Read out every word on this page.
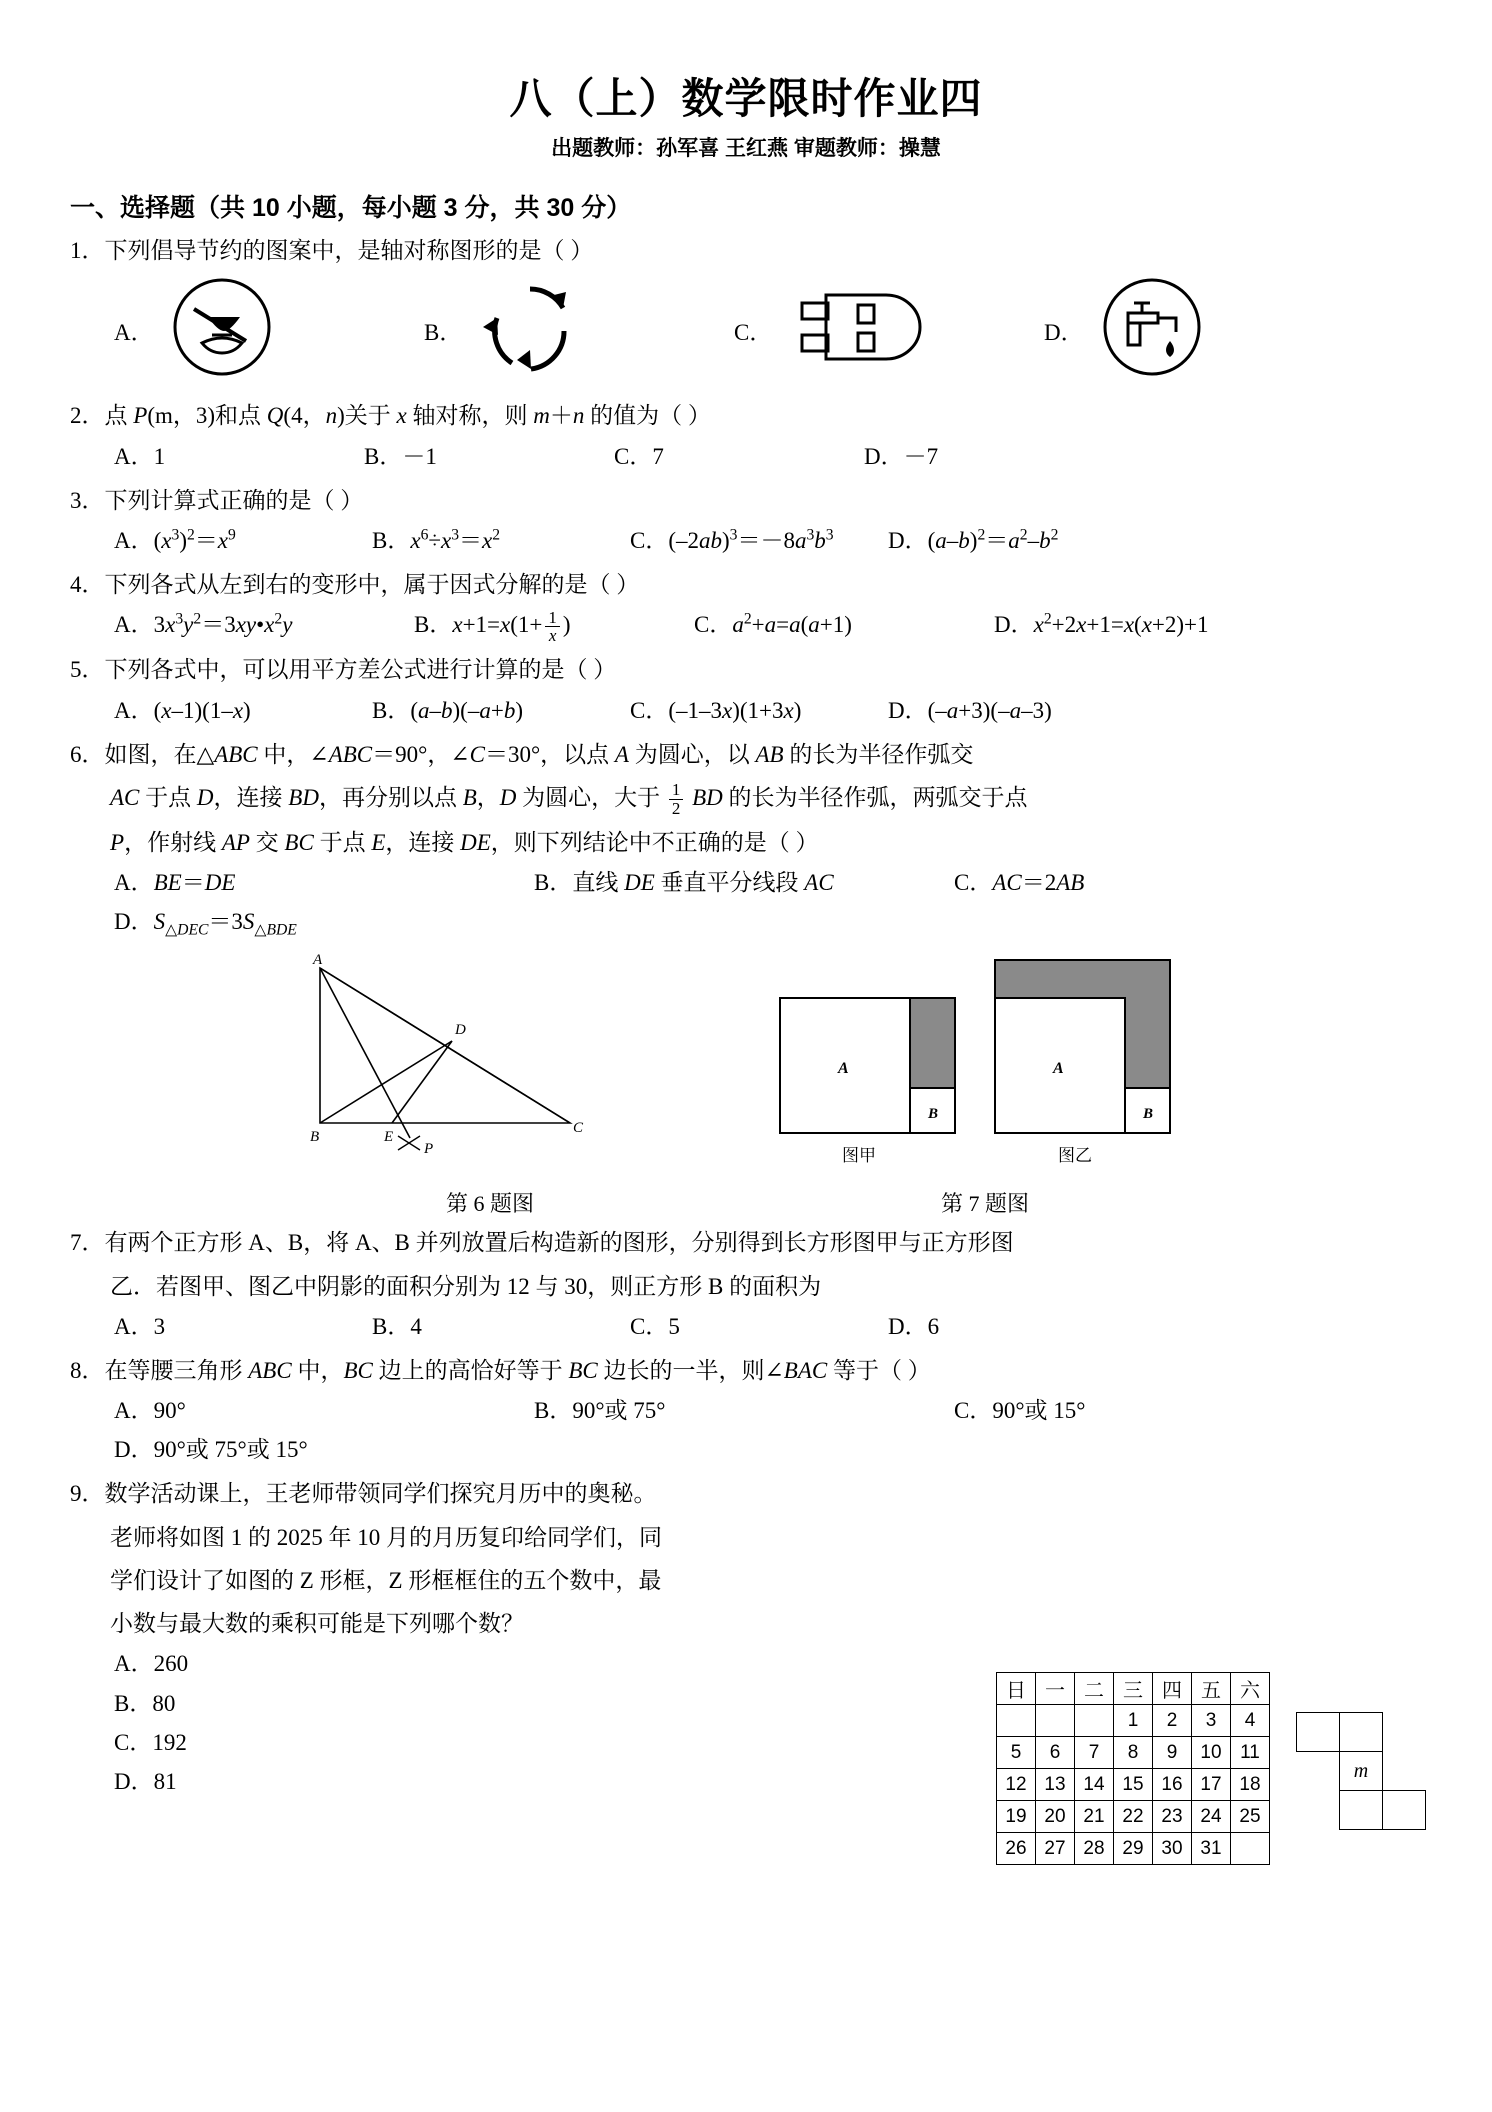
八（上）数学限时作业四
出题教师：孙军喜 王红燕 审题教师：操慧
一、选择题（共 10 小题，每小题 3 分，共 30 分）
1．下列倡导节约的图案中，是轴对称图形的是（ ）
A．	B．	C．	D．
2．点 P(m，3)和点 Q(4，n)关于 x 轴对称，则 m＋n 的值为（ ）
A．1	B．－1	C．7	D．－7
3．下列计算式正确的是（ ）
A．$(x^3)^2=x^9$	B．$x^6\div x^3=x^2$	C．$(-2ab)^3=-8a^3b^3$	D．$(a-b)^2=a^2-b^2$
4．下列各式从左到右的变形中，属于因式分解的是（ ）
A．$3x^3y^2=3xy•x^2y$	B．$x+1=x(1+ \frac{1}{x}$ )	C．$a^2+a=a(a+1)$	D．$x^2+2x+1=x(x+2)+1$
5．下列各式中，可以用平方差公式进行计算的是（ ）
A．(x–1)(1–x)	B．(a–b)(–a+b)	C．(–1–3x)(1+3x)	D．(–a+3)(–a–3)
6．如图，在△ABC 中，∠ABC＝90°，∠C＝30°，以点 A 为圆心，以 AB 的长为半径作弧交
AC 于点 D，连接 BD，再分别以点 B，D 为圆心，大于 $\frac{1}{2}$ BD 的长为半径作弧，两弧交于点
P，作射线 AP 交 BC 于点 E，连接 DE，则下列结论中不正确的是（ ）
A．BE＝DE	B．直线 DE 垂直平分线段 AC	C．AC＝2AB
D．$S_{\triangle DEC}=3S_{\triangle BDE}$
A
B
C
D
E
P
第 6 题图
A
B
A
B
图甲	图乙
第 7 题图
7．有两个正方形 A、B，将 A、B 并列放置后构造新的图形，分别得到长方形图甲与正方形图
乙．若图甲、图乙中阴影的面积分别为 12 与 30，则正方形 B 的面积为
A．3	B．4	C．5	D．6
8．在等腰三角形 ABC 中，BC 边上的高恰好等于 BC 边长的一半，则∠BAC 等于（ ）
A．90°	B．90°或 75°	C．90°或 15°
D．90°或 75°或 15°
9．数学活动课上，王老师带领同学们探究月历中的奥秘。
老师将如图 1 的 2025 年 10 月的月历复印给同学们，同
学们设计了如图的 Z 形框，Z 形框框住的五个数中，最
小数与最大数的乘积可能是下列哪个数？
A．260
B．80
C．192
D．81
日	一	二	三	四	五	六
			1	2	3	4
5	6	7	8	9	10	11
12	13	14	15	16	17	18
19	20	21	22	23	24	25
26	27	28	29	30	31	

	m	
